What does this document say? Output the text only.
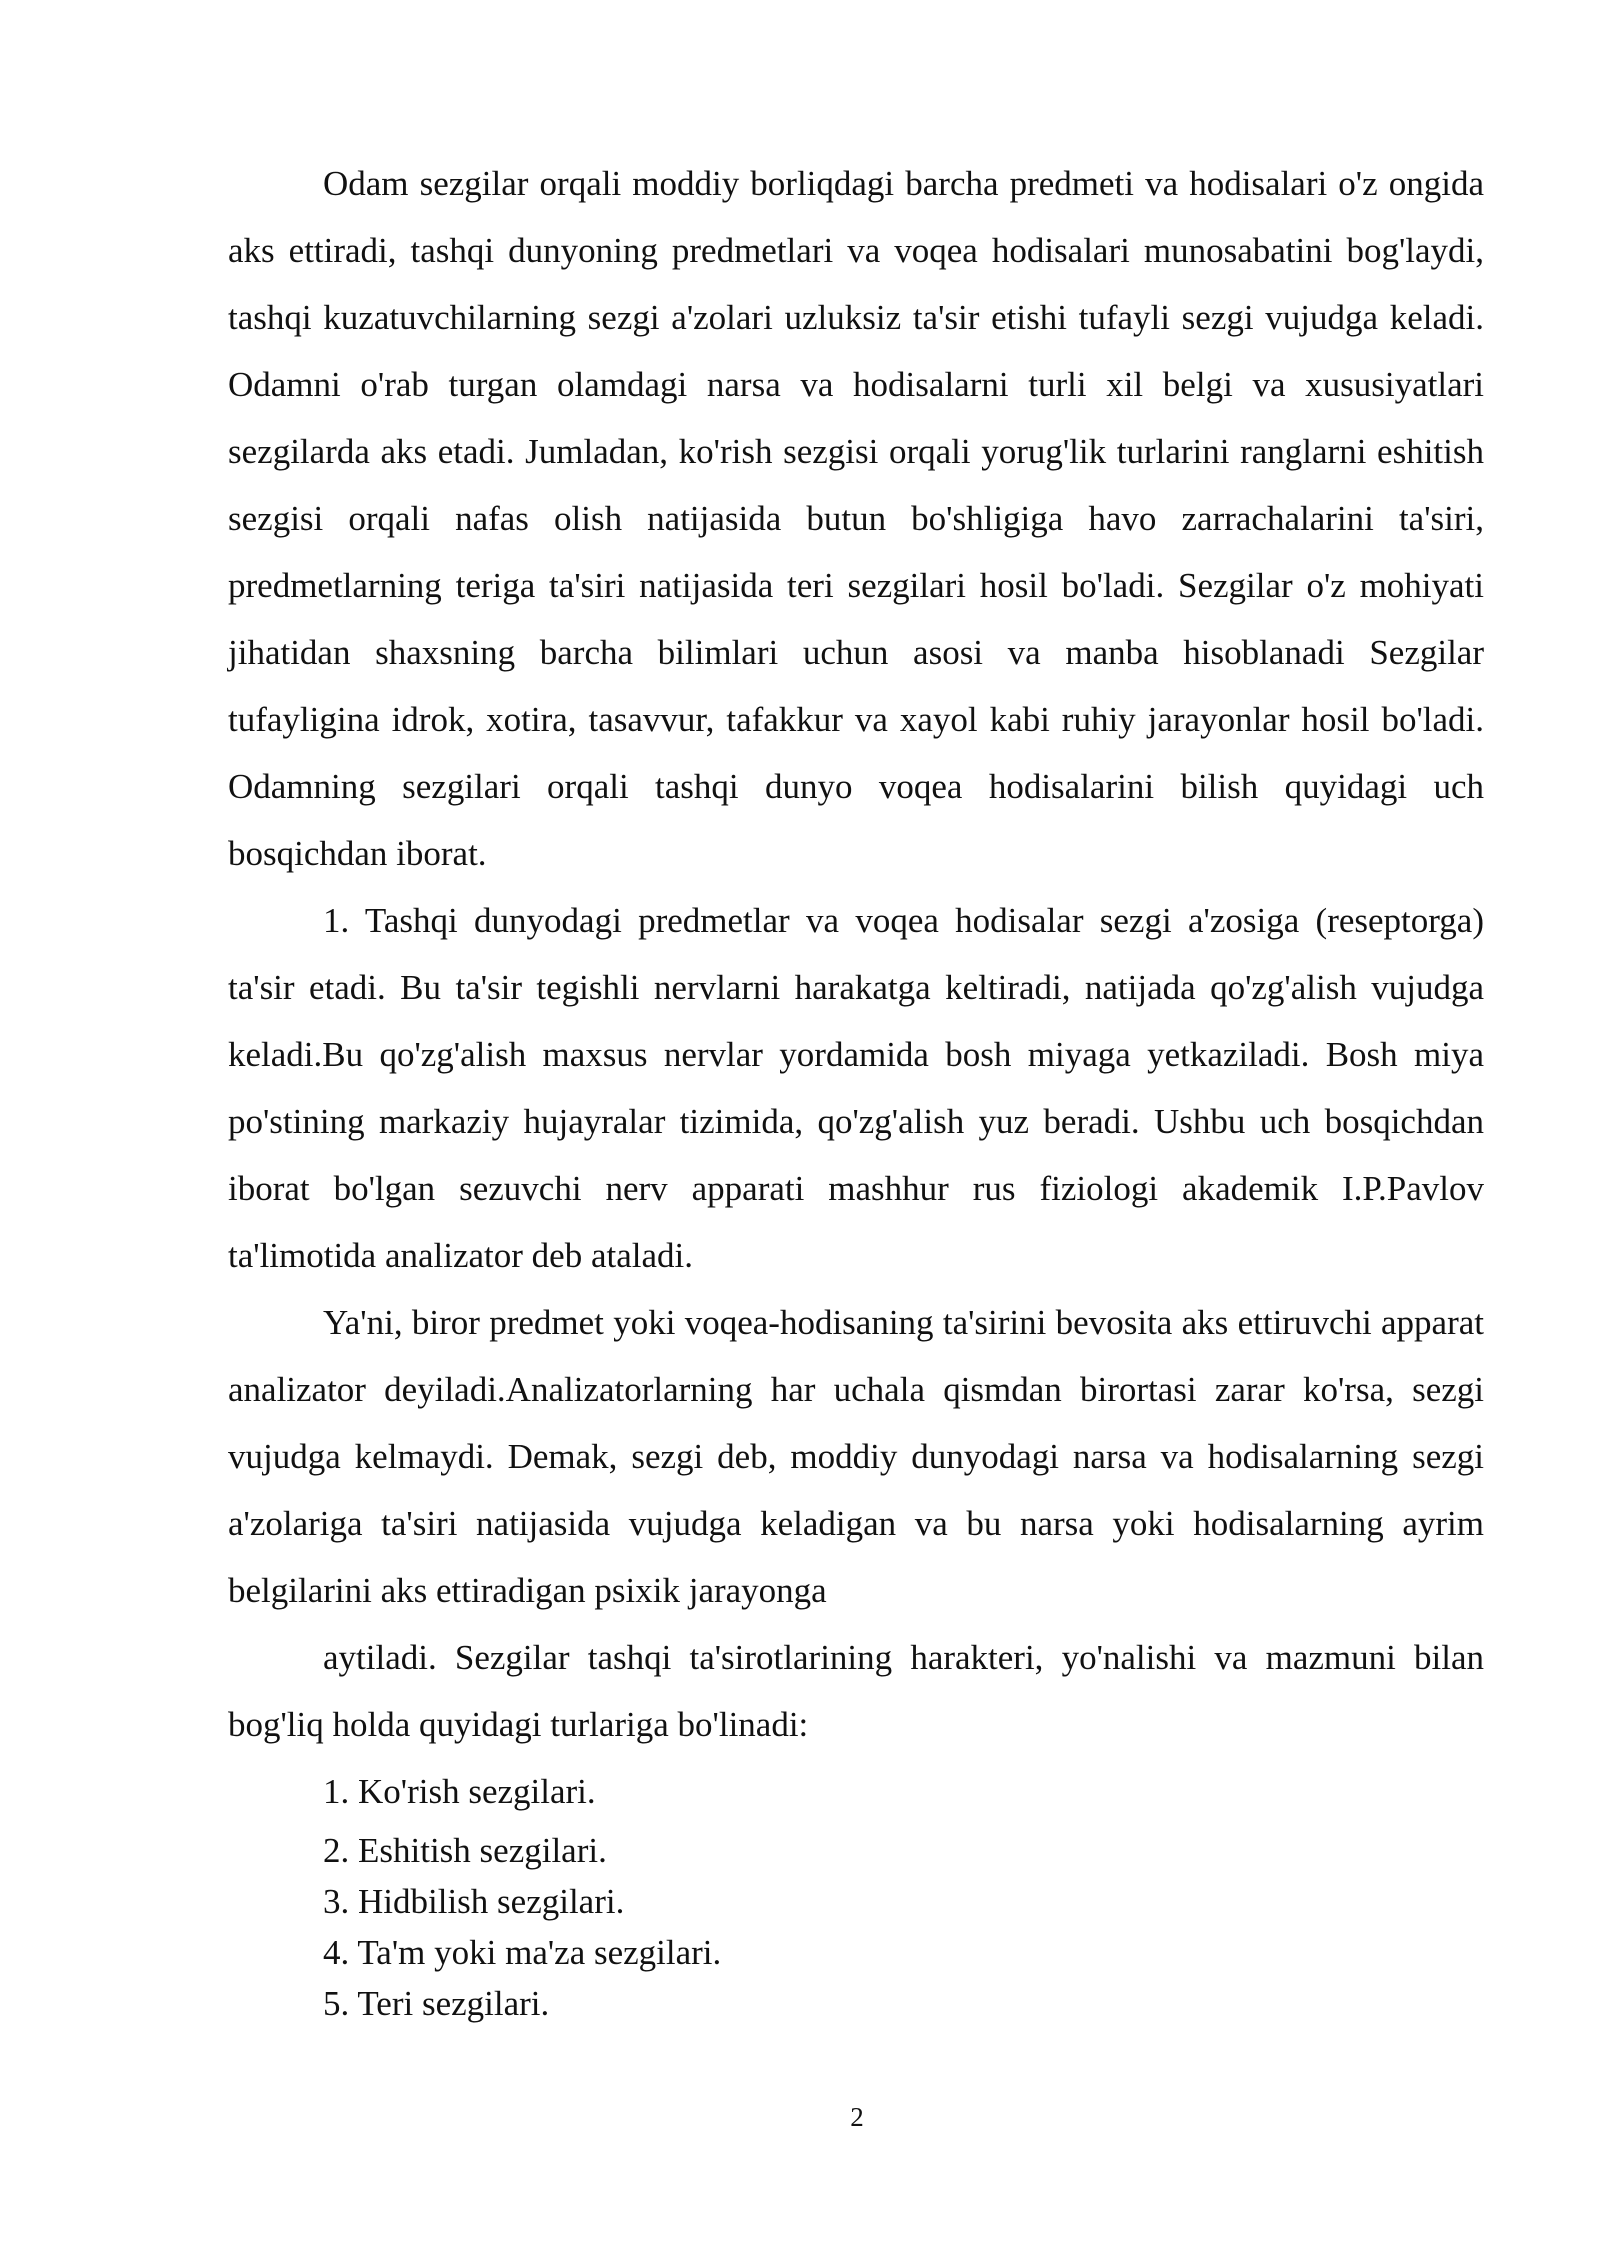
Odam sezgilar orqali moddiy borliqdagi barcha predmeti va hodisalari o'z ongida aks ettiradi, tashqi dunyoning predmetlari va voqea hodisalari munosabatini bog'laydi, tashqi kuzatuvchilarning sezgi a'zolari uzluksiz ta'sir etishi tufayli sezgi vujudga keladi. Odamni o'rab turgan olamdagi narsa va hodisalarni turli xil belgi va xususiyatlari sezgilarda aks etadi. Jumladan, ko'rish sezgisi orqali yorug'lik turlarini ranglarni eshitish sezgisi orqali nafas olish natijasida butun bo'shligiga havo zarrachalarini ta'siri, predmetlarning teriga ta'siri natijasida teri sezgilari hosil bo'ladi. Sezgilar o'z mohiyati jihatidan shaxsning barcha bilimlari uchun asosi va manba hisoblanadi Sezgilar tufayligina idrok, xotira, tasavvur, tafakkur va xayol kabi ruhiy jarayonlar hosil bo'ladi. Odamning sezgilari orqali tashqi dunyo voqea hodisalarini bilish quyidagi uch bosqichdan iborat.

1. Tashqi dunyodagi predmetlar va voqea hodisalar sezgi a'zosiga (reseptorga) ta'sir etadi. Bu ta'sir tegishli nervlarni harakatga keltiradi, natijada qo'zg'alish vujudga keladi.Bu qo'zg'alish maxsus nervlar yordamida bosh miyaga yetkaziladi. Bosh miya po'stining markaziy hujayralar tizimida, qo'zg'alish yuz beradi. Ushbu uch bosqichdan iborat bo'lgan sezuvchi nerv apparati mashhur rus fiziologi akademik I.P.Pavlov ta'limotida analizator deb ataladi.

Ya'ni, biror predmet yoki voqea-hodisaning ta'sirini bevosita aks ettiruvchi apparat analizator deyiladi.Analizatorlarning har uchala qismdan birortasi zarar ko'rsa, sezgi vujudga kelmaydi. Demak, sezgi deb, moddiy dunyodagi narsa va hodisalarning sezgi a'zolariga ta'siri natijasida vujudga keladigan va bu narsa yoki hodisalarning ayrim belgilarini aks ettiradigan psixik jarayonga

aytiladi. Sezgilar tashqi ta'sirotlarining harakteri, yo'nalishi va mazmuni bilan bog'liq holda quyidagi turlariga bo'linadi:

1. Ko'rish sezgilari.
2. Eshitish sezgilari.
3. Hidbilish sezgilari.
4. Ta'm yoki ma'za sezgilari.
5. Teri sezgilari.
2
